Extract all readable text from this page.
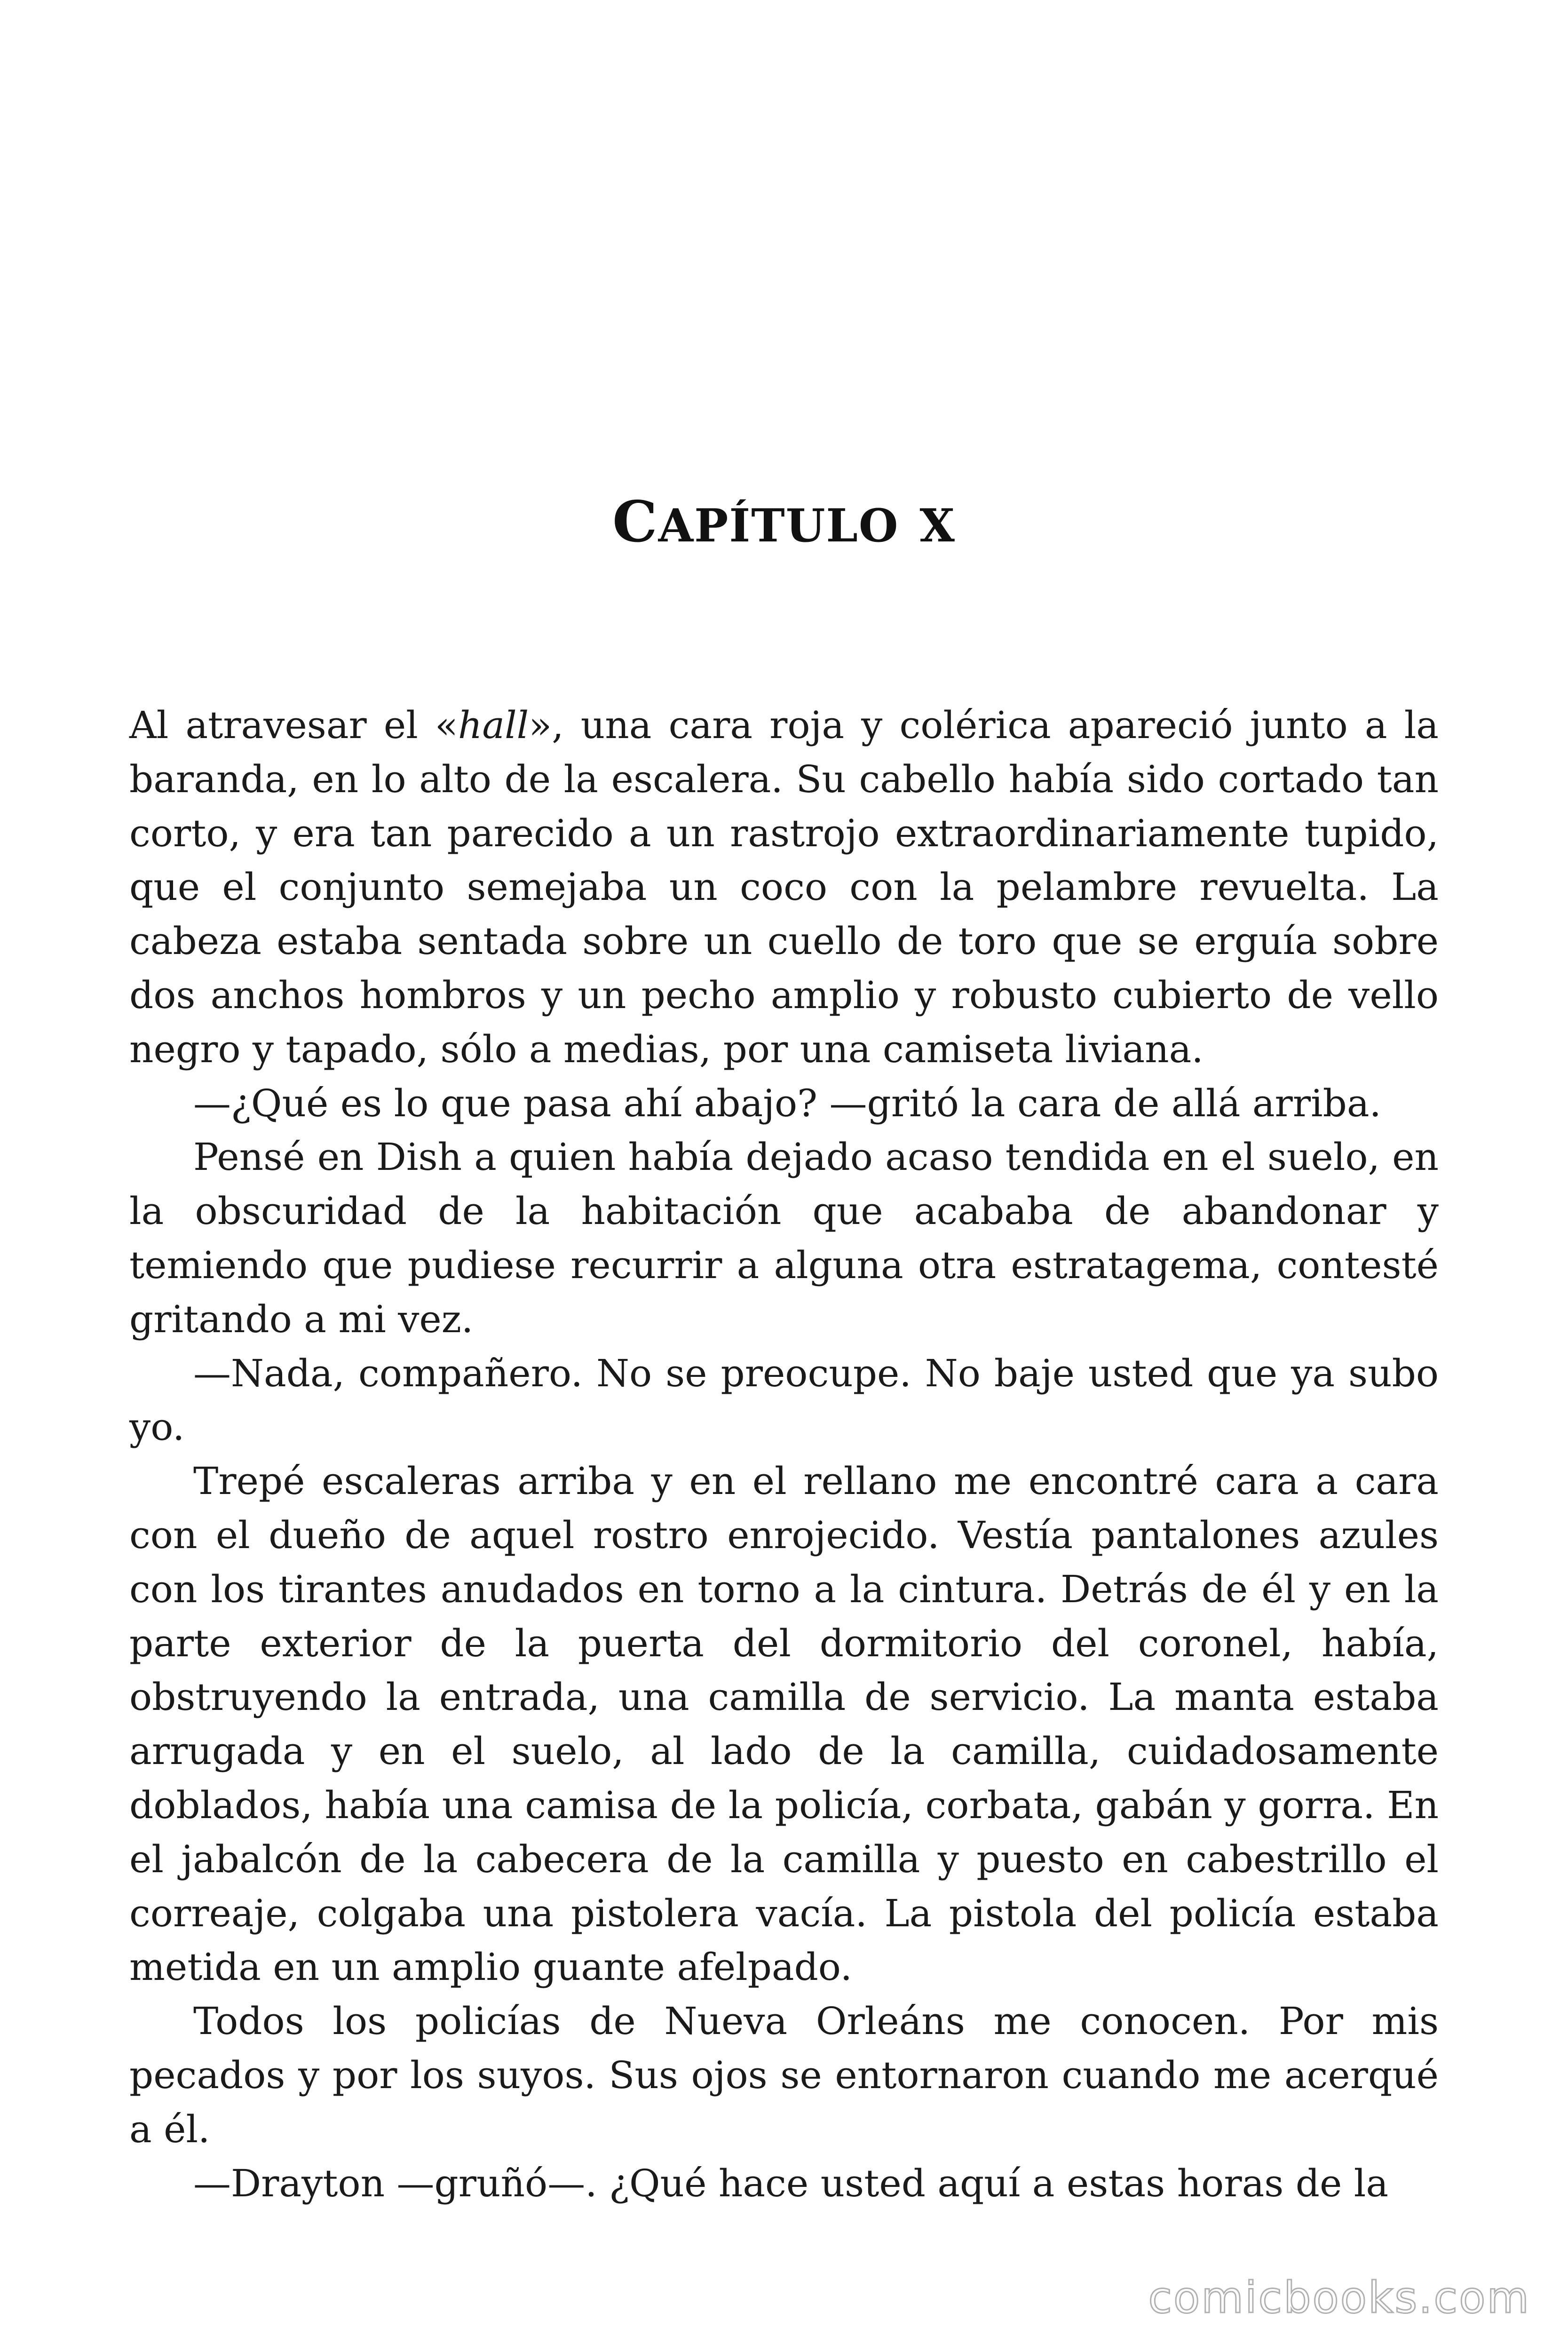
CAPÍTULO X

Al atravesar el «hall», una cara roja y colérica apareció junto a la baranda, en lo alto de la escalera. Su cabello había sido cortado tan corto, y era tan parecido a un rastrojo extraordinariamente tupido, que el conjunto semejaba un coco con la pelambre revuelta. La cabeza estaba sentada sobre un cuello de toro que se erguía sobre dos anchos hombros y un pecho amplio y robusto cubierto de vello negro y tapado, sólo a medias, por una camiseta liviana.

—¿Qué es lo que pasa ahí abajo? —gritó la cara de allá arriba.

Pensé en Dish a quien había dejado acaso tendida en el suelo, en la obscuridad de la habitación que acababa de abandonar y temiendo que pudiese recurrir a alguna otra estratagema, contesté gritando a mi vez.

—Nada, compañero. No se preocupe. No baje usted que ya subo yo.

Trepé escaleras arriba y en el rellano me encontré cara a cara con el dueño de aquel rostro enrojecido. Vestía pantalones azules con los tirantes anudados en torno a la cintura. Detrás de él y en la parte exterior de la puerta del dormitorio del coronel, había, obstruyendo la entrada, una camilla de servicio. La manta estaba arrugada y en el suelo, al lado de la camilla, cuidadosamente doblados, había una camisa de la policía, corbata, gabán y gorra. En el jabalcón de la cabecera de la camilla y puesto en cabestrillo el correaje, colgaba una pistolera vacía. La pistola del policía estaba metida en un amplio guante afelpado.

Todos los policías de Nueva Orleáns me conocen. Por mis pecados y por los suyos. Sus ojos se entornaron cuando me acerqué a él.

—Drayton —gruñó—. ¿Qué hace usted aquí a estas horas de la

comicbooks.com
